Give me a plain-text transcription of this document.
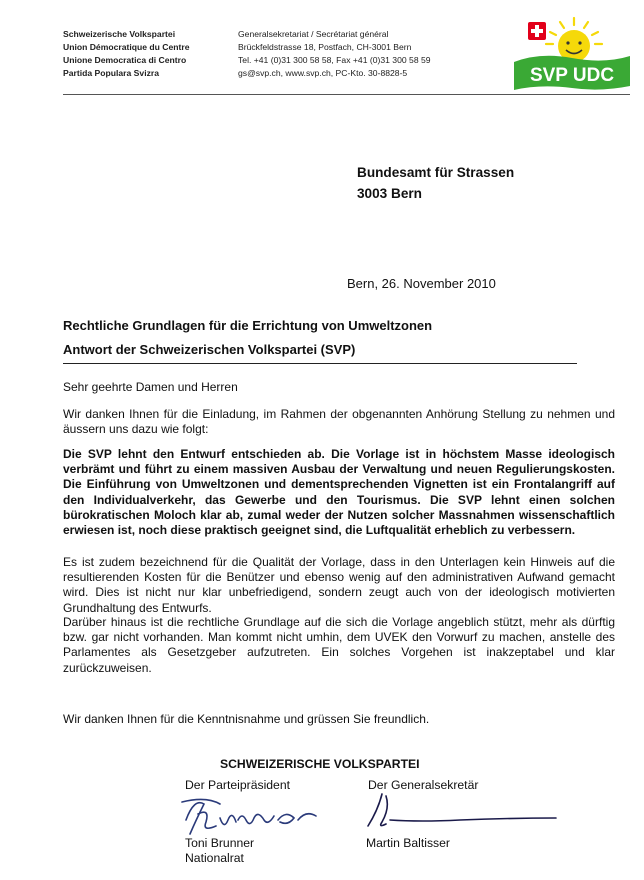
Schweizerische Volkspartei
Union Démocratique du Centre
Unione Democratica di Centro
Partida Populara Svizra
Generalsekretariat / Secrétariat général
Brückfeldstrasse 18, Postfach, CH-3001 Bern
Tel. +41 (0)31 300 58 58, Fax +41 (0)31 300 58 59
gs@svp.ch, www.svp.ch, PC-Kto. 30-8828-5	SVP UDC
Bundesamt für Strassen
3003 Bern
Bern, 26. November 2010
Rechtliche Grundlagen für die Errichtung von Umweltzonen
Antwort der Schweizerischen Volkspartei (SVP)
Sehr geehrte Damen und Herren
Wir danken Ihnen für die Einladung, im Rahmen der obgenannten Anhörung Stellung zu nehmen und äussern uns dazu wie folgt:
Die SVP lehnt den Entwurf entschieden ab. Die Vorlage ist in höchstem Masse ideologisch verbrämt und führt zu einem massiven Ausbau der Verwaltung und neuen Regulierungskosten. Die Einführung von Umweltzonen und dementsprechenden Vignetten ist ein Frontalangriff auf den Individualverkehr, das Gewerbe und den Tourismus. Die SVP lehnt einen solchen bürokratischen Moloch klar ab, zumal weder der Nutzen solcher Massnahmen wissenschaftlich erwiesen ist, noch diese praktisch geeignet sind, die Luftqualität erheblich zu verbessern.
Es ist zudem bezeichnend für die Qualität der Vorlage, dass in den Unterlagen kein Hinweis auf die resultierenden Kosten für die Benützer und ebenso wenig auf den administrativen Aufwand gemacht wird. Dies ist nicht nur klar unbefriedigend, sondern zeugt auch von der ideologisch motivierten Grundhaltung des Entwurfs.
Darüber hinaus ist die rechtliche Grundlage auf die sich die Vorlage angeblich stützt, mehr als dürftig bzw. gar nicht vorhanden. Man kommt nicht umhin, dem UVEK den Vorwurf zu machen, anstelle des Parlamentes als Gesetzgeber aufzutreten. Ein solches Vorgehen ist inakzeptabel und klar zurückzuweisen.
Wir danken Ihnen für die Kenntnisnahme und grüssen Sie freundlich.
SCHWEIZERISCHE VOLKSPARTEI
Der Parteipräsident	Der Generalsekretär
Toni Brunner
Nationalrat
Martin Baltisser
